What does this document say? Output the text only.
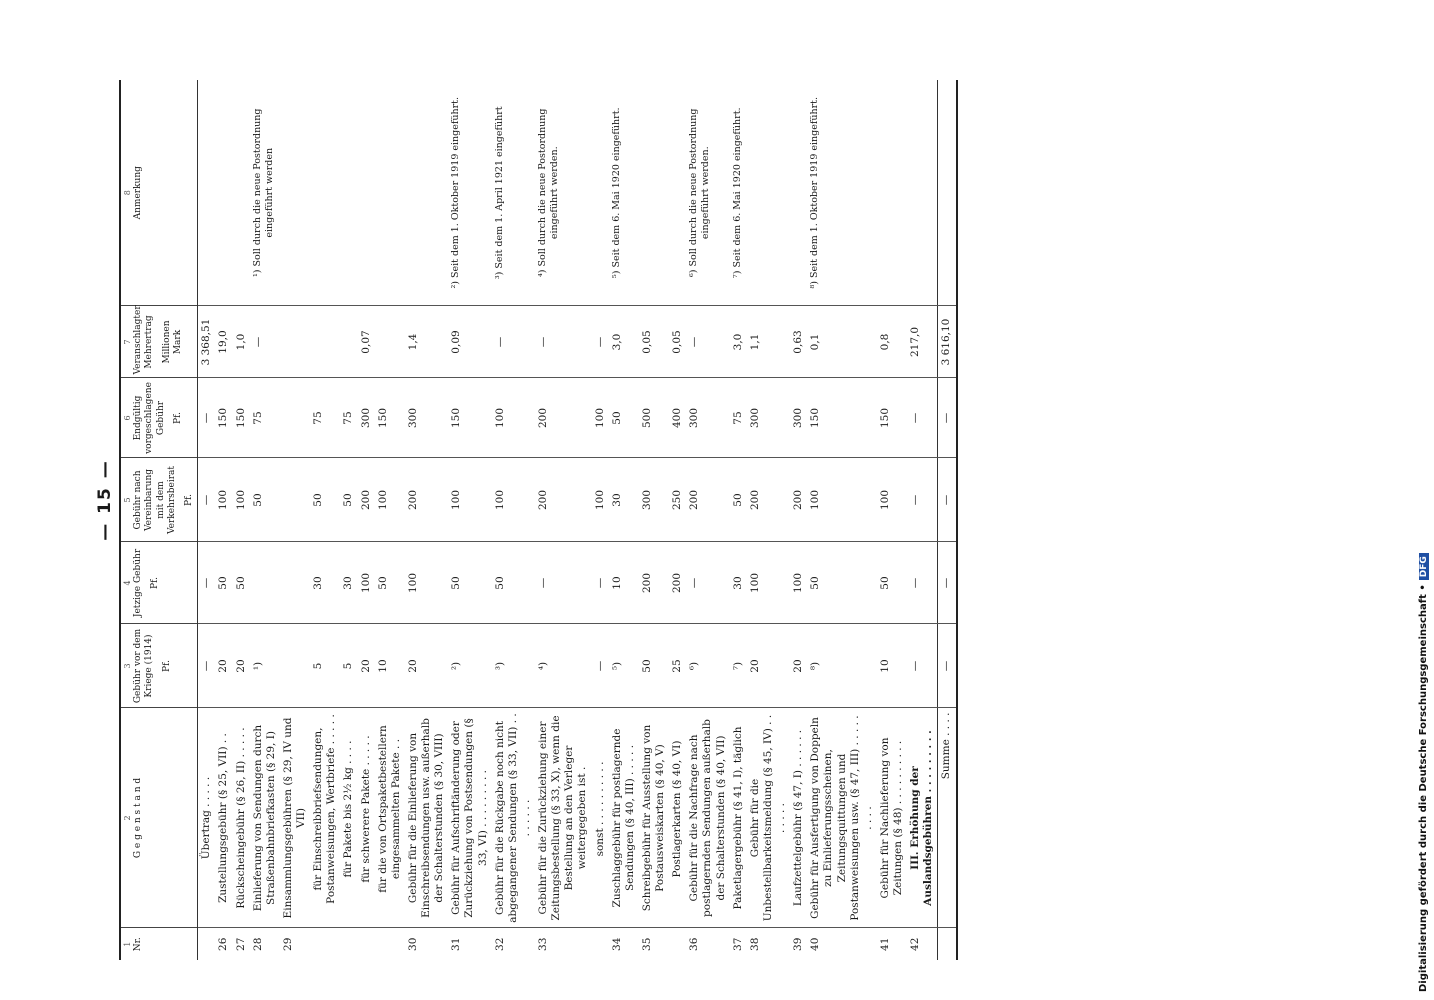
— 15 —
1 Nr.	2 G e g e n s t a n d	3 Gebühr vor dem Kriege (1914) Pf.	4 Jetzige Gebühr Pf.	5 Gebühr nach Vereinbarung mit dem Verkehrsbeirat Pf.	6 Endgültig vorgeschlagene Gebühr Pf.	7 Veranschlagter Mehrertrag Millionen Mark	8 Anmerkung
	Übertrag . . . . .	—	—	—	—	3 368,51	
26	Zustellungsgebühr (§ 25, VII) . .	20	50	100	150	19,0	
27	Rückscheingebühr (§ 26, II) . . . . .	20	50	100	150	1,0	
28	Einlieferung von Sendungen durch Straßenbahnbriefkasten (§ 29, I)	¹)		50	75	—	¹) Soll durch die neue Postordnung eingeführt werden
29	Einsammlungsgebühren (§ 29, IV und VII)						
	für Einschreibbriefsendungen, Postanweisungen, Wertbriefe . . . . .	5	30	50	75		
	für Pakete bis 2½ kg . . . .	5	30	50	75		
	für schwerere Pakete . . . . .	20	100	200	300	0,07	
	für die von Ortspaketbestellern eingesammelten Pakete . .	10	50	100	150		
30	Gebühr für die Einlieferung von Einschreibsendungen usw. außerhalb der Schalterstunden (§ 30, VIII)	20	100	200	300	1,4	
31	Gebühr für Aufschriftänderung oder Zurückziehung von Postsendungen (§ 33, VI) . . . . . . . . .	²)	50	100	150	0,09	²) Seit dem 1. Oktober 1919 eingeführt.
32	Gebühr für die Rückgabe noch nicht abgegangener Sendungen (§ 33, VII) . . . . . . . .	³)	50	100	100	—	³) Seit dem 1. April 1921 eingeführt
33	Gebühr für die Zurückziehung einer Zeitungsbestellung (§ 33, X), wenn die Bestellung an den Verleger weitergegeben ist .	⁴)	—	200	200	—	⁴) Soll durch die neue Postordnung eingeführt werden.
	sonst . . . . . . . . . .	—	—	100	100	—	
34	Zuschlaggebühr für postlagernde Sendungen (§ 40, III) . . . . .	⁵)	10	30	50	3,0	⁵) Seit dem 6. Mai 1920 eingeführt.
35	Schreibgebühr für Ausstellung von Postausweiskarten (§ 40, V)	50	200	300	500	0,05	
	Postlagerkarten (§ 40, VI)	25	200	250	400	0,05	
36	Gebühr für die Nachfrage nach postlagernden Sendungen außerhalb der Schalterstunden (§ 40, VII)	⁶)	—	200	300	—	⁶) Soll durch die neue Postordnung eingeführt werden.
37	Paketlagergebühr (§ 41, I), täglich	⁷)	30	50	75	3,0	⁷) Seit dem 6. Mai 1920 eingeführt.
38	Gebühr für die Unbestellbarkeitsmeldung (§ 45, IV) . . . . . . .	20	100	200	300	1,1	
39	Laufzettelgebühr (§ 47, I) . . . . . .	20	100	200	300	0,63	
40	Gebühr für Ausfertigung von Doppeln zu Einlieferungsscheinen, Zeitungsquittungen und Postanweisungen usw. (§ 47, III) . . . . . . . . .	⁸)	50	100	150	0,1	⁸) Seit dem 1. Oktober 1919 eingeführt.
41	Gebühr für Nachlieferung von Zeitungen (§ 48) . . . . . . . . . .	10	50	100	150	0,8	
42	III. Erhöhung der Auslandsgebühren . . . . . . . . .	—	—	—	—	217,0	
	Summe . . . .	—	—	—	—	3 616,10	
Digitalisierung gefördert durch die Deutsche Forschungsgemeinschaft •DFG
